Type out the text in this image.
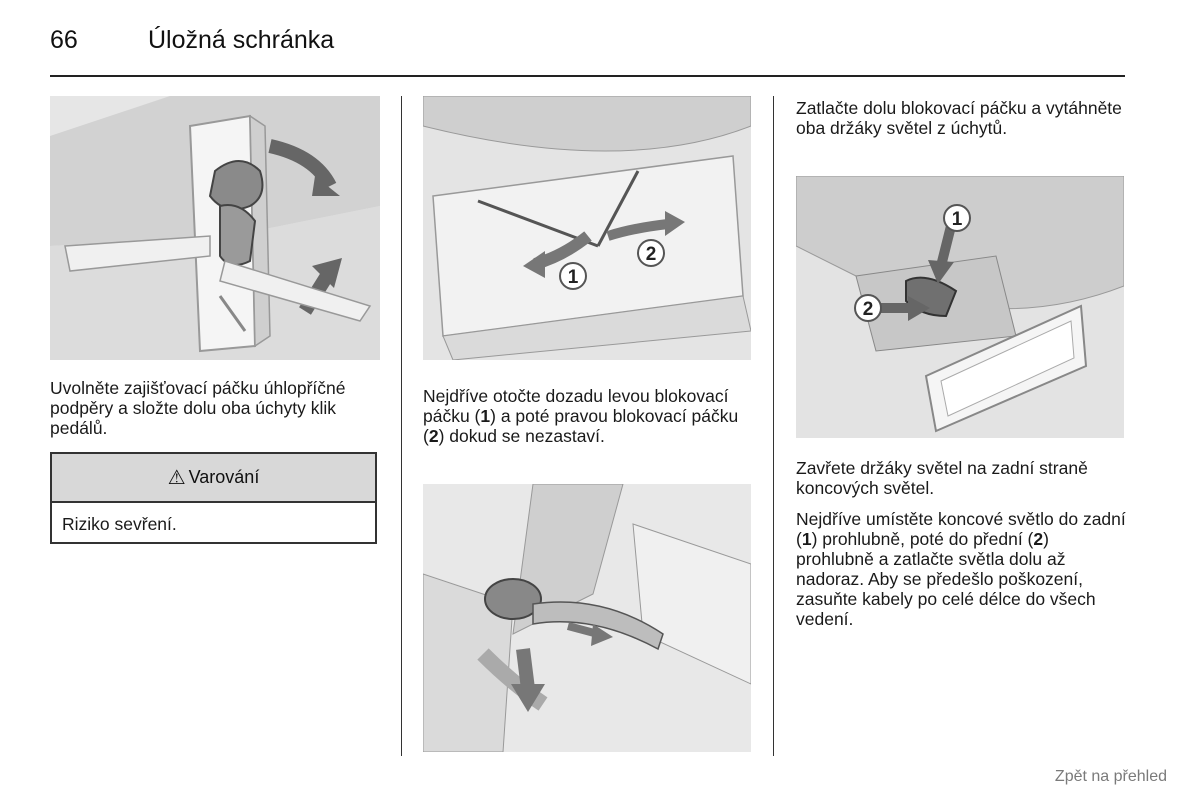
66	Úložná schránka
Uvolněte zajišťovací páčku úhlopříčné podpěry a složte dolu oba úchyty klik pedálů.
⚠ Varování
Riziko sevření.
1
2
Nejdříve otočte dozadu levou blokovací páčku (1) a poté pravou blokovací páčku (2) dokud se nezastaví.
Zatlačte dolu blokovací páčku a vytáhněte oba držáky světel z úchytů.
1
2

Zavřete držáky světel na zadní straně koncových světel.

Nejdříve umístěte koncové světlo do zadní (1) prohlubně, poté do přední (2) prohlubně a zatlačte světla dolu až nadoraz. Aby se předešlo poškození, zasuňte kabely po celé délce do všech vedení.

Zpět na přehled
